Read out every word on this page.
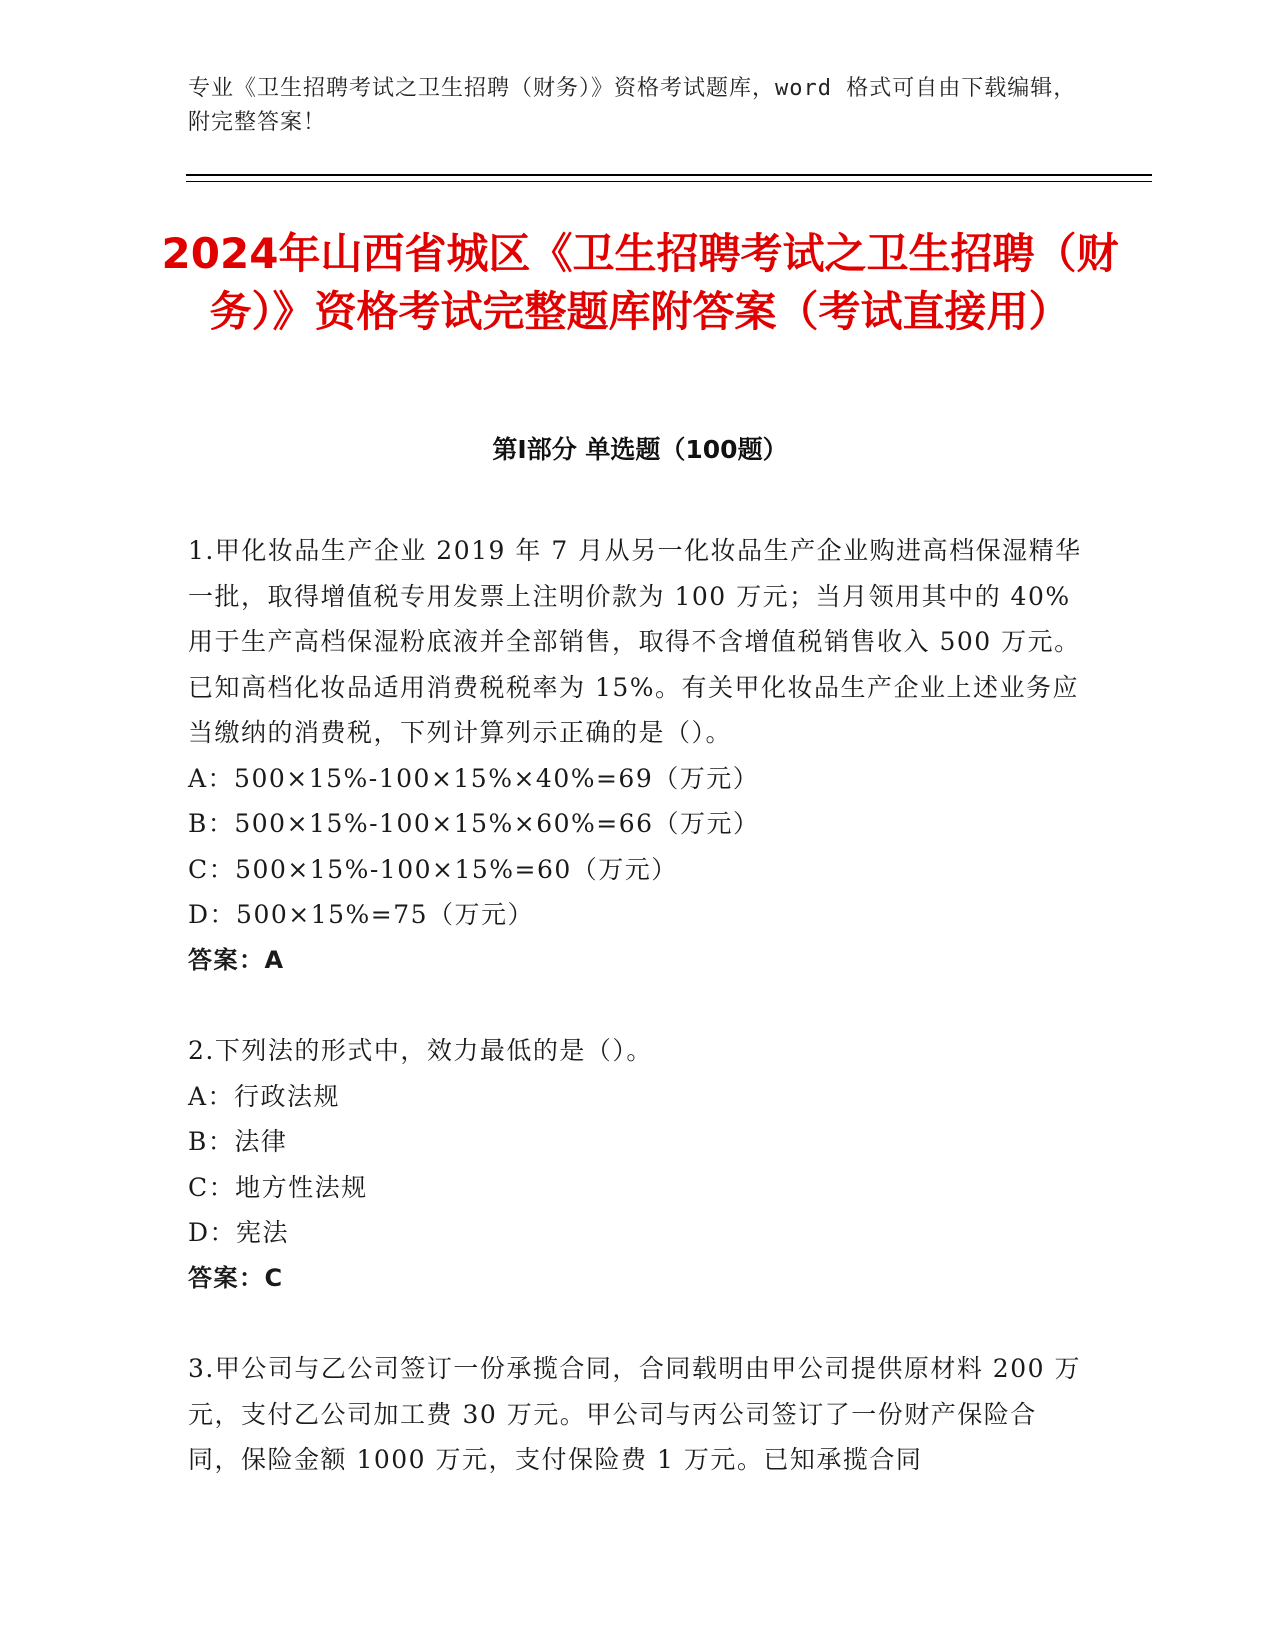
专业《卫生招聘考试之卫生招聘（财务）》资格考试题库，word 格式可自由下载编辑，附完整答案！
2024年山西省城区《卫生招聘考试之卫生招聘（财务）》资格考试完整题库附答案（考试直接用）
第Ⅰ部分 单选题（100题）

1.甲化妆品生产企业 2019 年 7 月从另一化妆品生产企业购进高档保湿精华一批，取得增值税专用发票上注明价款为 100 万元；当月领用其中的 40%用于生产高档保湿粉底液并全部销售，取得不含增值税销售收入 500 万元。已知高档化妆品适用消费税税率为 15%。有关甲化妆品生产企业上述业务应当缴纳的消费税，下列计算列示正确的是（）。

A：500×15%-100×15%×40%=69（万元）

B：500×15%-100×15%×60%=66（万元）

C：500×15%-100×15%=60（万元）

D：500×15%=75（万元）

答案：A

2.下列法的形式中，效力最低的是（）。

A：行政法规

B：法律

C：地方性法规

D：宪法

答案：C

3.甲公司与乙公司签订一份承揽合同，合同载明由甲公司提供原材料 200 万元，支付乙公司加工费 30 万元。甲公司与丙公司签订了一份财产保险合同，保险金额 1000 万元，支付保险费 1 万元。已知承揽合同
